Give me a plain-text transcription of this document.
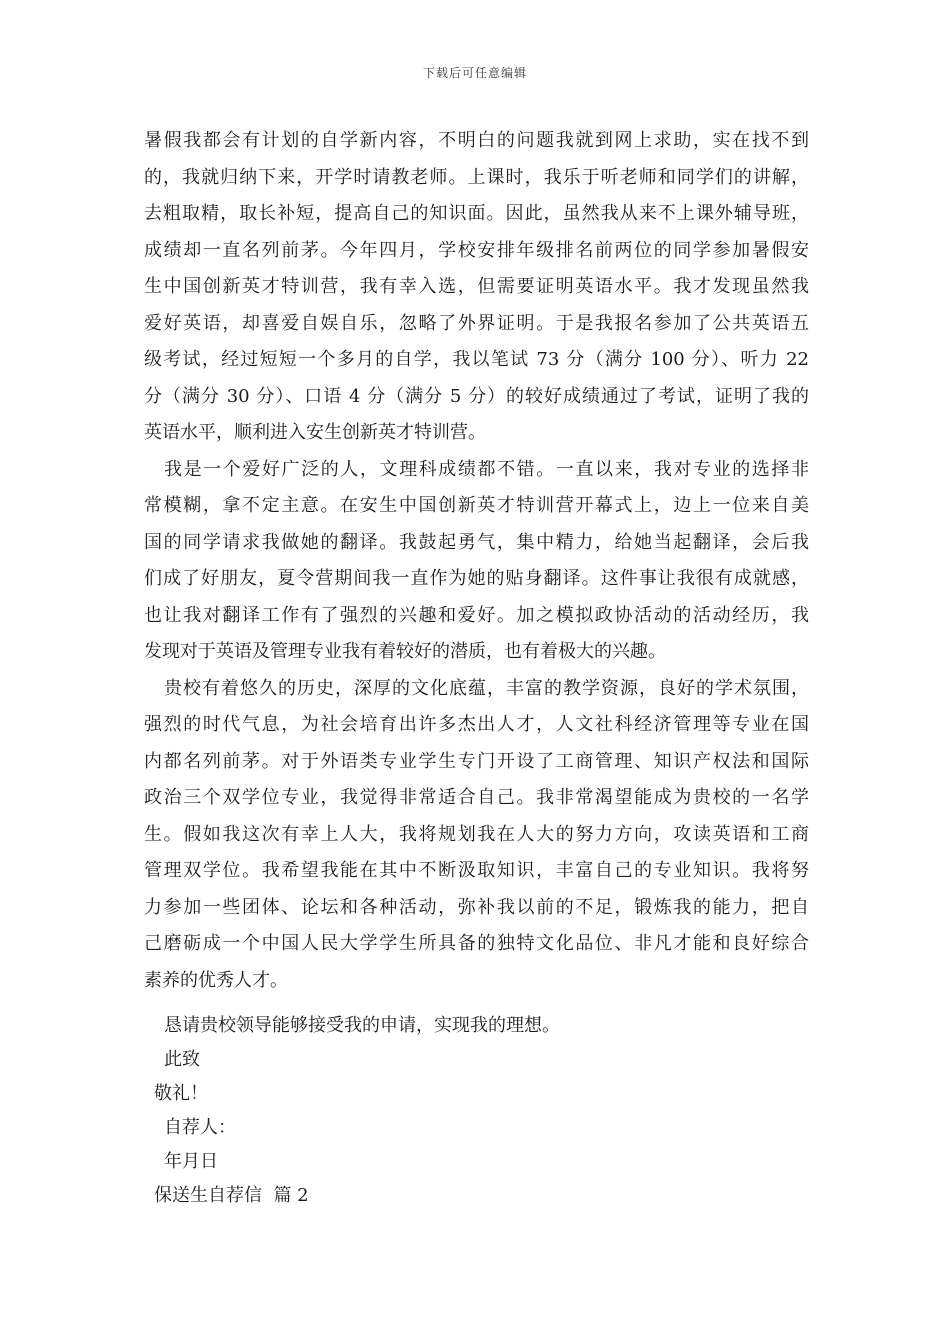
下载后可任意编辑
暑假我都会有计划的自学新内容，不明白的问题我就到网上求助，实在找不到
的，我就归纳下来，开学时请教老师。上课时，我乐于听老师和同学们的讲解，
去粗取精，取长补短，提高自己的知识面。因此，虽然我从来不上课外辅导班，
成绩却一直名列前茅。今年四月，学校安排年级排名前两位的同学参加暑假安
生中国创新英才特训营，我有幸入选，但需要证明英语水平。我才发现虽然我
爱好英语，却喜爱自娱自乐，忽略了外界证明。于是我报名参加了公共英语五
级考试，经过短短一个多月的自学，我以笔试 73 分（满分 100 分）、听力 22
分（满分 30 分）、口语 4 分（满分 5 分）的较好成绩通过了考试，证明了我的
英语水平，顺利进入安生创新英才特训营。
我是一个爱好广泛的人，文理科成绩都不错。一直以来，我对专业的选择非
常模糊，拿不定主意。在安生中国创新英才特训营开幕式上，边上一位来自美
国的同学请求我做她的翻译。我鼓起勇气，集中精力，给她当起翻译，会后我
们成了好朋友，夏令营期间我一直作为她的贴身翻译。这件事让我很有成就感，
也让我对翻译工作有了强烈的兴趣和爱好。加之模拟政协活动的活动经历，我
发现对于英语及管理专业我有着较好的潜质，也有着极大的兴趣。
贵校有着悠久的历史，深厚的文化底蕴，丰富的教学资源，良好的学术氛围，
强烈的时代气息，为社会培育出许多杰出人才，人文社科经济管理等专业在国
内都名列前茅。对于外语类专业学生专门开设了工商管理、知识产权法和国际
政治三个双学位专业，我觉得非常适合自己。我非常渴望能成为贵校的一名学
生。假如我这次有幸上人大，我将规划我在人大的努力方向，攻读英语和工商
管理双学位。我希望我能在其中不断汲取知识，丰富自己的专业知识。我将努
力参加一些团体、论坛和各种活动，弥补我以前的不足，锻炼我的能力，把自
己磨砺成一个中国人民大学学生所具备的独特文化品位、非凡才能和良好综合
素养的优秀人才。
恳请贵校领导能够接受我的申请，实现我的理想。
此致
敬礼！
自荐人：
年月日
保送生自荐信  篇 2
